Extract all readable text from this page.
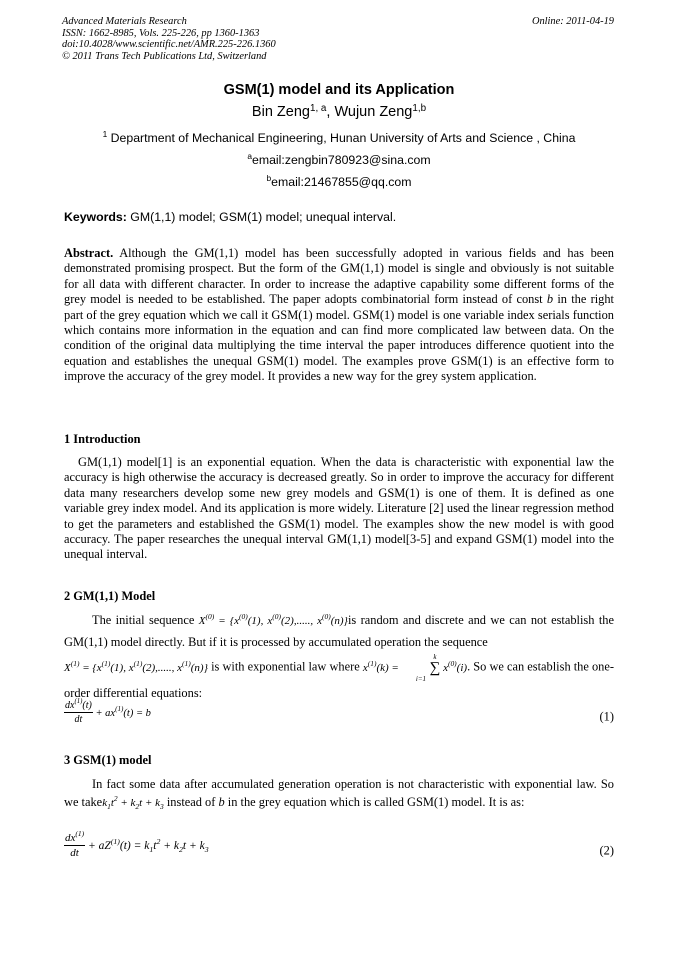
Advanced Materials Research
ISSN: 1662-8985, Vols. 225-226, pp 1360-1363
doi:10.4028/www.scientific.net/AMR.225-226.1360
© 2011 Trans Tech Publications Ltd, Switzerland
Online: 2011-04-19
GSM(1) model and its Application
Bin Zeng$^{1, a}$, Wujun Zeng$^{1,b}$
$^1$ Department of Mechanical Engineering, Hunan University of Arts and Science , China
$^a$email:zengbin780923@sina.com
$^b$email:21467855@qq.com
Keywords: GM(1,1) model; GSM(1) model; unequal interval.
Abstract. Although the GM(1,1) model has been successfully adopted in various fields and has been demonstrated promising prospect. But the form of the GM(1,1) model is single and obviously is not suitable for all data with different character. In order to increase the adaptive capability some different forms of the grey model is needed to be established. The paper adopts combinatorial form instead of const b in the right part of the grey equation which we call it GSM(1) model. GSM(1) model is one variable index serials function which contains more information in the equation and can find more complicated law between data. On the condition of the original data multiplying the time interval the paper introduces difference quotient into the equation and establishes the unequal GSM(1) model. The examples prove GSM(1) is an effective form to improve the accuracy of the grey model. It provides a new way for the grey system application.
1 Introduction
GM(1,1) model[1] is an exponential equation. When the data is characteristic with exponential law the accuracy is high otherwise the accuracy is decreased greatly. So in order to improve the accuracy for different data many researchers develop some new grey models and GSM(1) is one of them. It is defined as one variable grey index model. And its application is more widely. Literature [2] used the linear regression method to get the parameters and established the GSM(1) model. The examples show the new model is with good accuracy. The paper researches the unequal interval GM(1,1) model[3-5] and expand GSM(1) model into the unequal interval.
2 GM(1,1) Model
The initial sequence $X^{(0)} = \{x^{(0)}(1)$, $x^{(0)}(2)$,....., $x^{(0)}(n)\}is$ random and discrete and we can not establish the GM(1,1) model directly. But if it is processed by accumulated operation the sequence
$X^{(1)} = \{x^{(1)}(1)$, $x^{(1)}(2)$,....., $x^{(1)}(n)$} is with exponential law where $x^{(1)}(k) = k$
∑
i=1 $x^{(0)}(i)$. So we can establish the one-order differential equations:
$\frac{dx^{(1)}(t)}{dt} + ax^{(1)}(t) = b$	(1)
3 GSM(1) model
In fact some data after accumulated generation operation is not characteristic with exponential law. So we $takek_1t^2 + k_2t + k_3$ instead of b in the grey equation which is called GSM(1) model. It is as:
$\frac{dx^{(1)}}{dt} + aZ^{(1)}(t) = k_1t^2 + k_2t + k_3$	(2)
